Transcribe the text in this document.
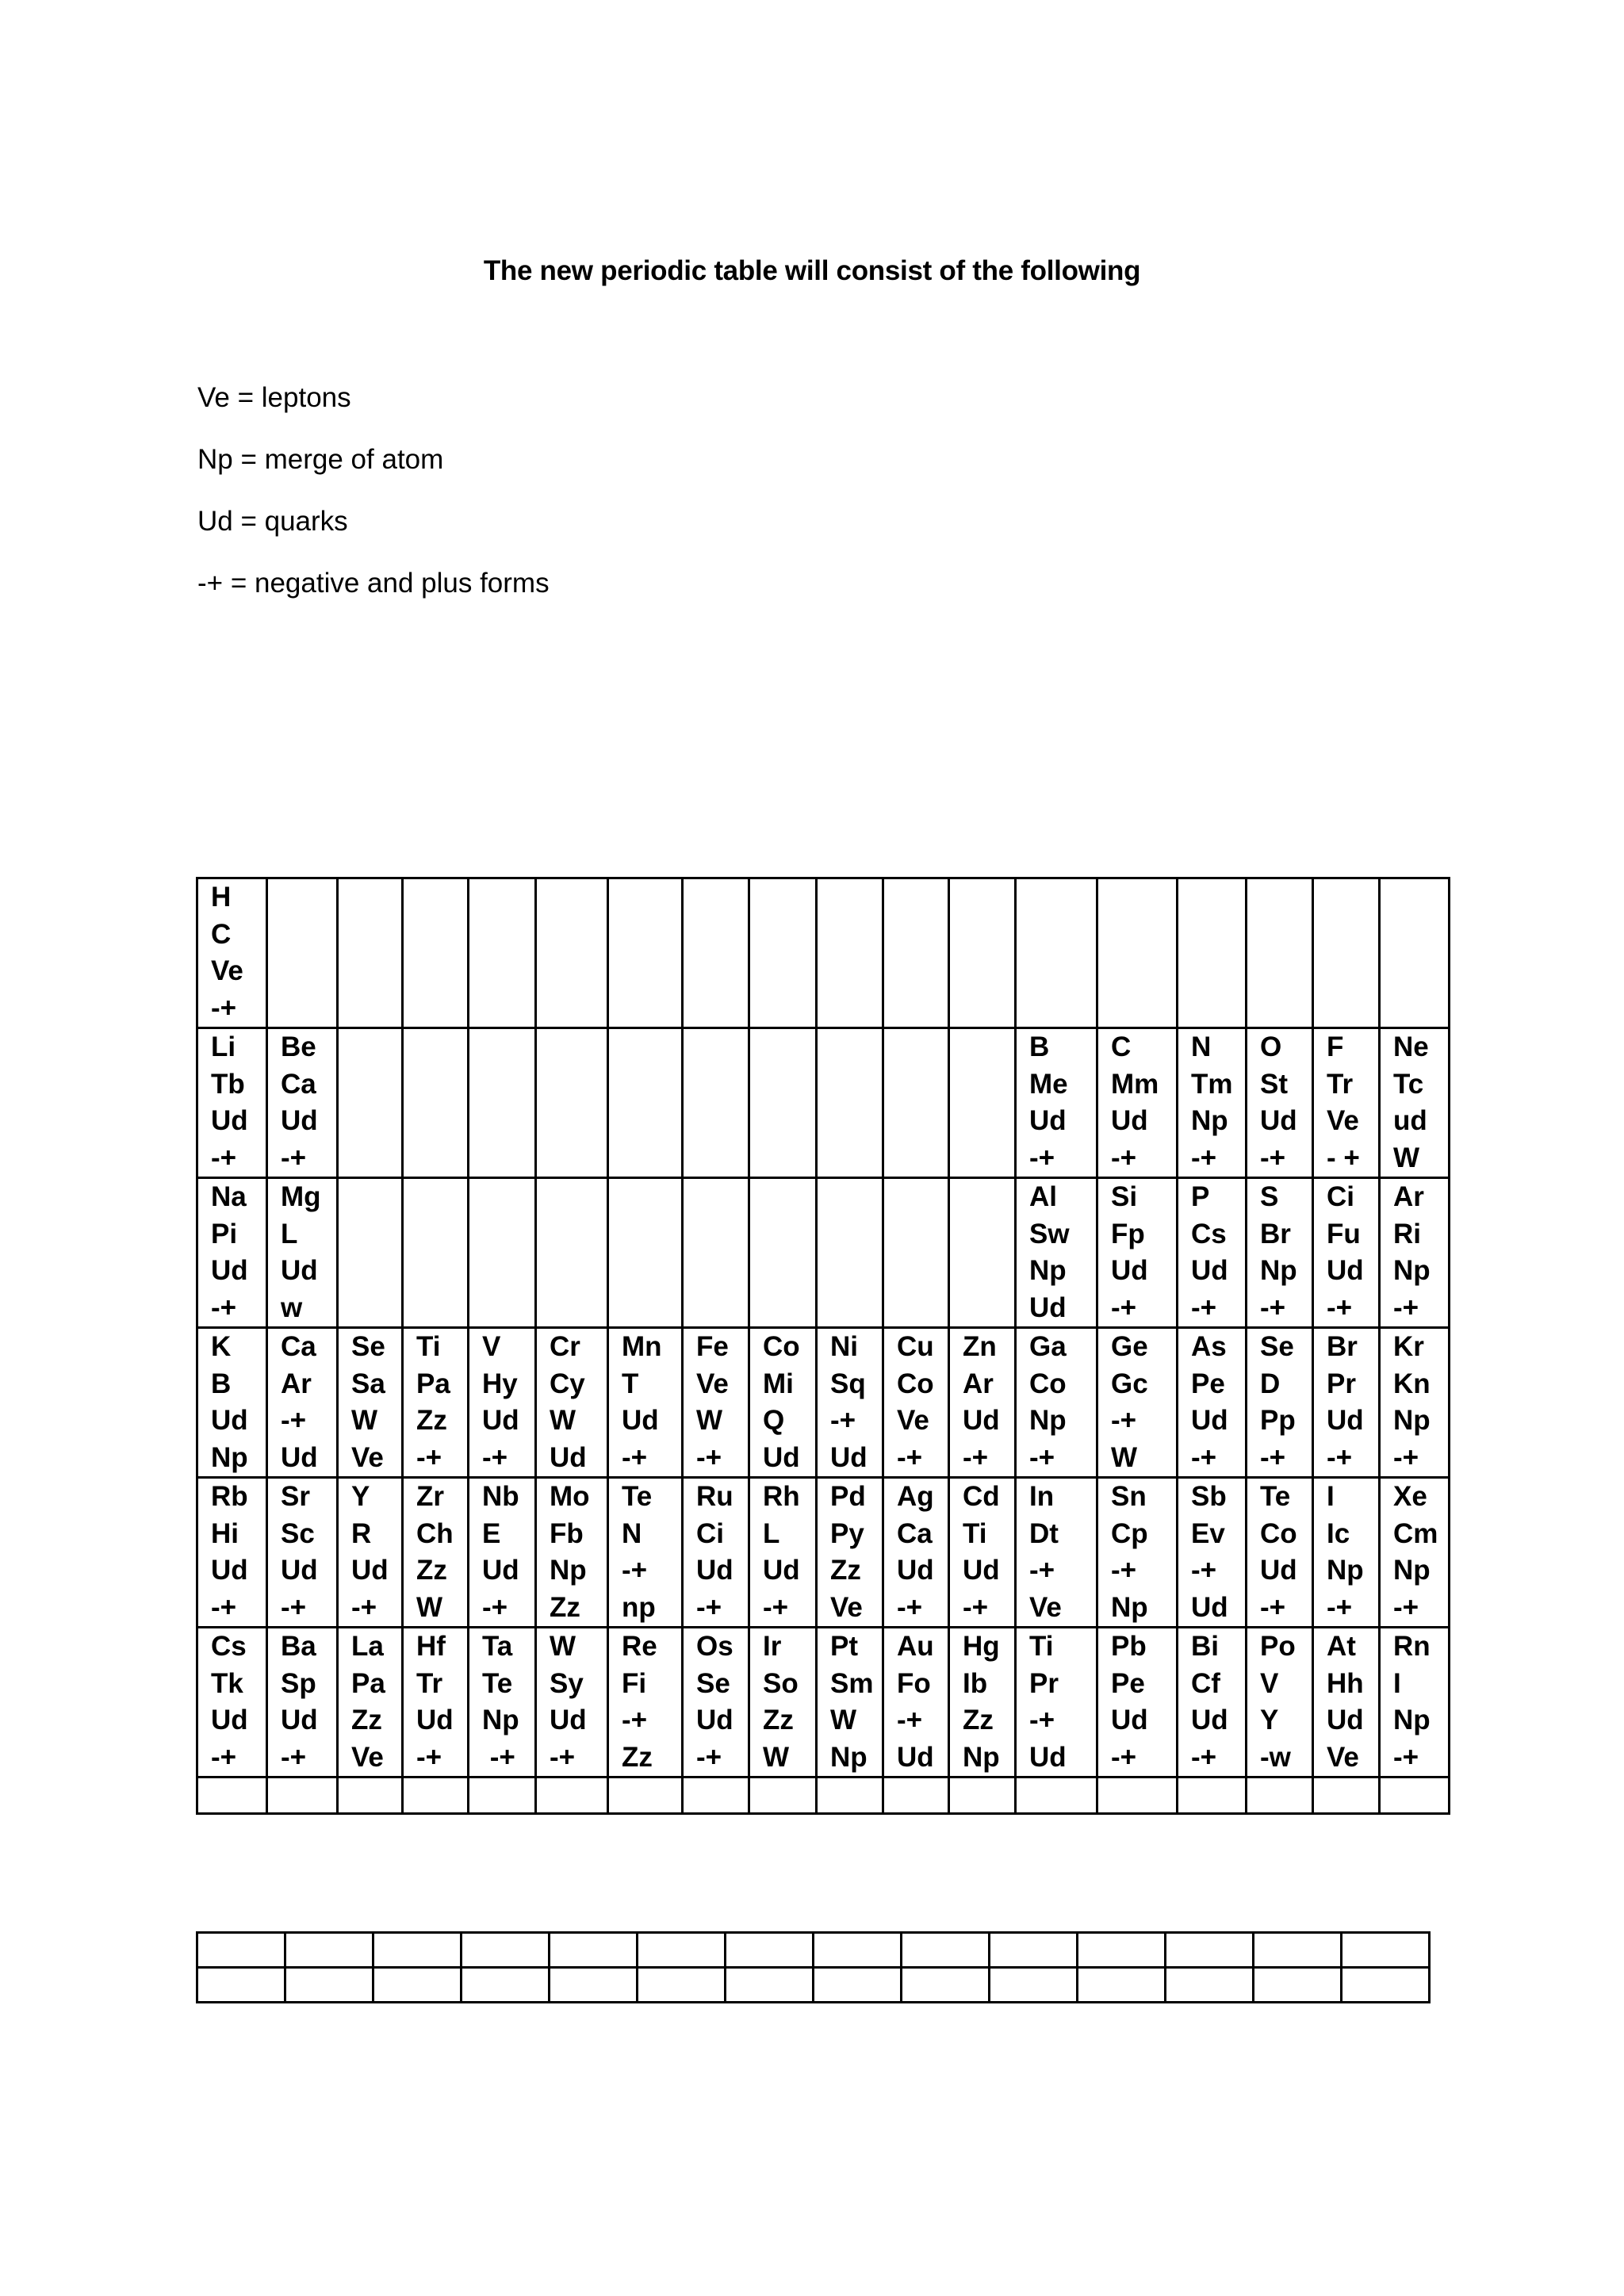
The new periodic table will consist of the following
Ve = leptons
Np = merge of atom
Ud = quarks
-+ = negative and plus forms
H
C
Ve
-+

Li
Tb
Ud
-+	Be
Ca
Ud
-+											B
Me
Ud
-+	C
Mm
Ud
-+	N
Tm
Np
-+	O
St
Ud
-+	F
Tr
Ve
- +	Ne
Tc
ud
W	

Na
Pi
Ud
-+	Mg
L
Ud
w											Al
Sw
Np
Ud	Si
Fp
Ud
-+	P
Cs
Ud
-+	S
Br
Np
-+	Ci
Fu
Ud
-+	Ar
Ri
Np
-+	

K
B
Ud
Np	Ca
Ar
-+
Ud	Se
Sa
W
Ve	Ti
Pa
Zz
-+	V
Hy
Ud
-+	Cr
Cy
W
Ud	Mn
T
Ud
-+	Fe
Ve
W
-+	Co
Mi
Q
Ud	Ni
Sq
-+
Ud	Cu
Co
Ve
-+	Zn
Ar
Ud
-+	Ga
Co
Np
-+	Ge
Gc
-+
W	As
Pe
Ud
-+	Se
D
Pp
-+	Br
Pr
Ud
-+	Kr
Kn
Np
-+	

Rb
Hi
Ud
-+	Sr
Sc
Ud
-+	Y
R
Ud
-+	Zr
Ch
Zz
W	Nb
E
Ud
-+	Mo
Fb
Np
Zz	Te
N
-+
np	Ru
Ci
Ud
-+	Rh
L
Ud
-+	Pd
Py
Zz
Ve	Ag
Ca
Ud
-+	Cd
Ti
Ud
-+	In
Dt
-+
Ve	Sn
Cp
-+
Np	Sb
Ev
-+
Ud	Te
Co
Ud
-+	I
Ic
Np
-+	Xe
Cm
Np
-+	

Cs
Tk
Ud
-+	Ba
Sp
Ud
-+	La
Pa
Zz
Ve	Hf
Tr
Ud
-+	Ta
Te
Np
-+	W
Sy
Ud
-+	Re
Fi
-+
Zz	Os
Se
Ud
-+	Ir
So
Zz
W	Pt
Sm
W
Np	Au
Fo
-+
Ud	Hg
Ib
Zz
Np	Ti
Pr
-+
Ud	Pb
Pe
Ud
-+	Bi
Cf
Ud
-+	Po
V
Y
-w	At
Hh
Ud
Ve	Rn
I
Np
-+	
